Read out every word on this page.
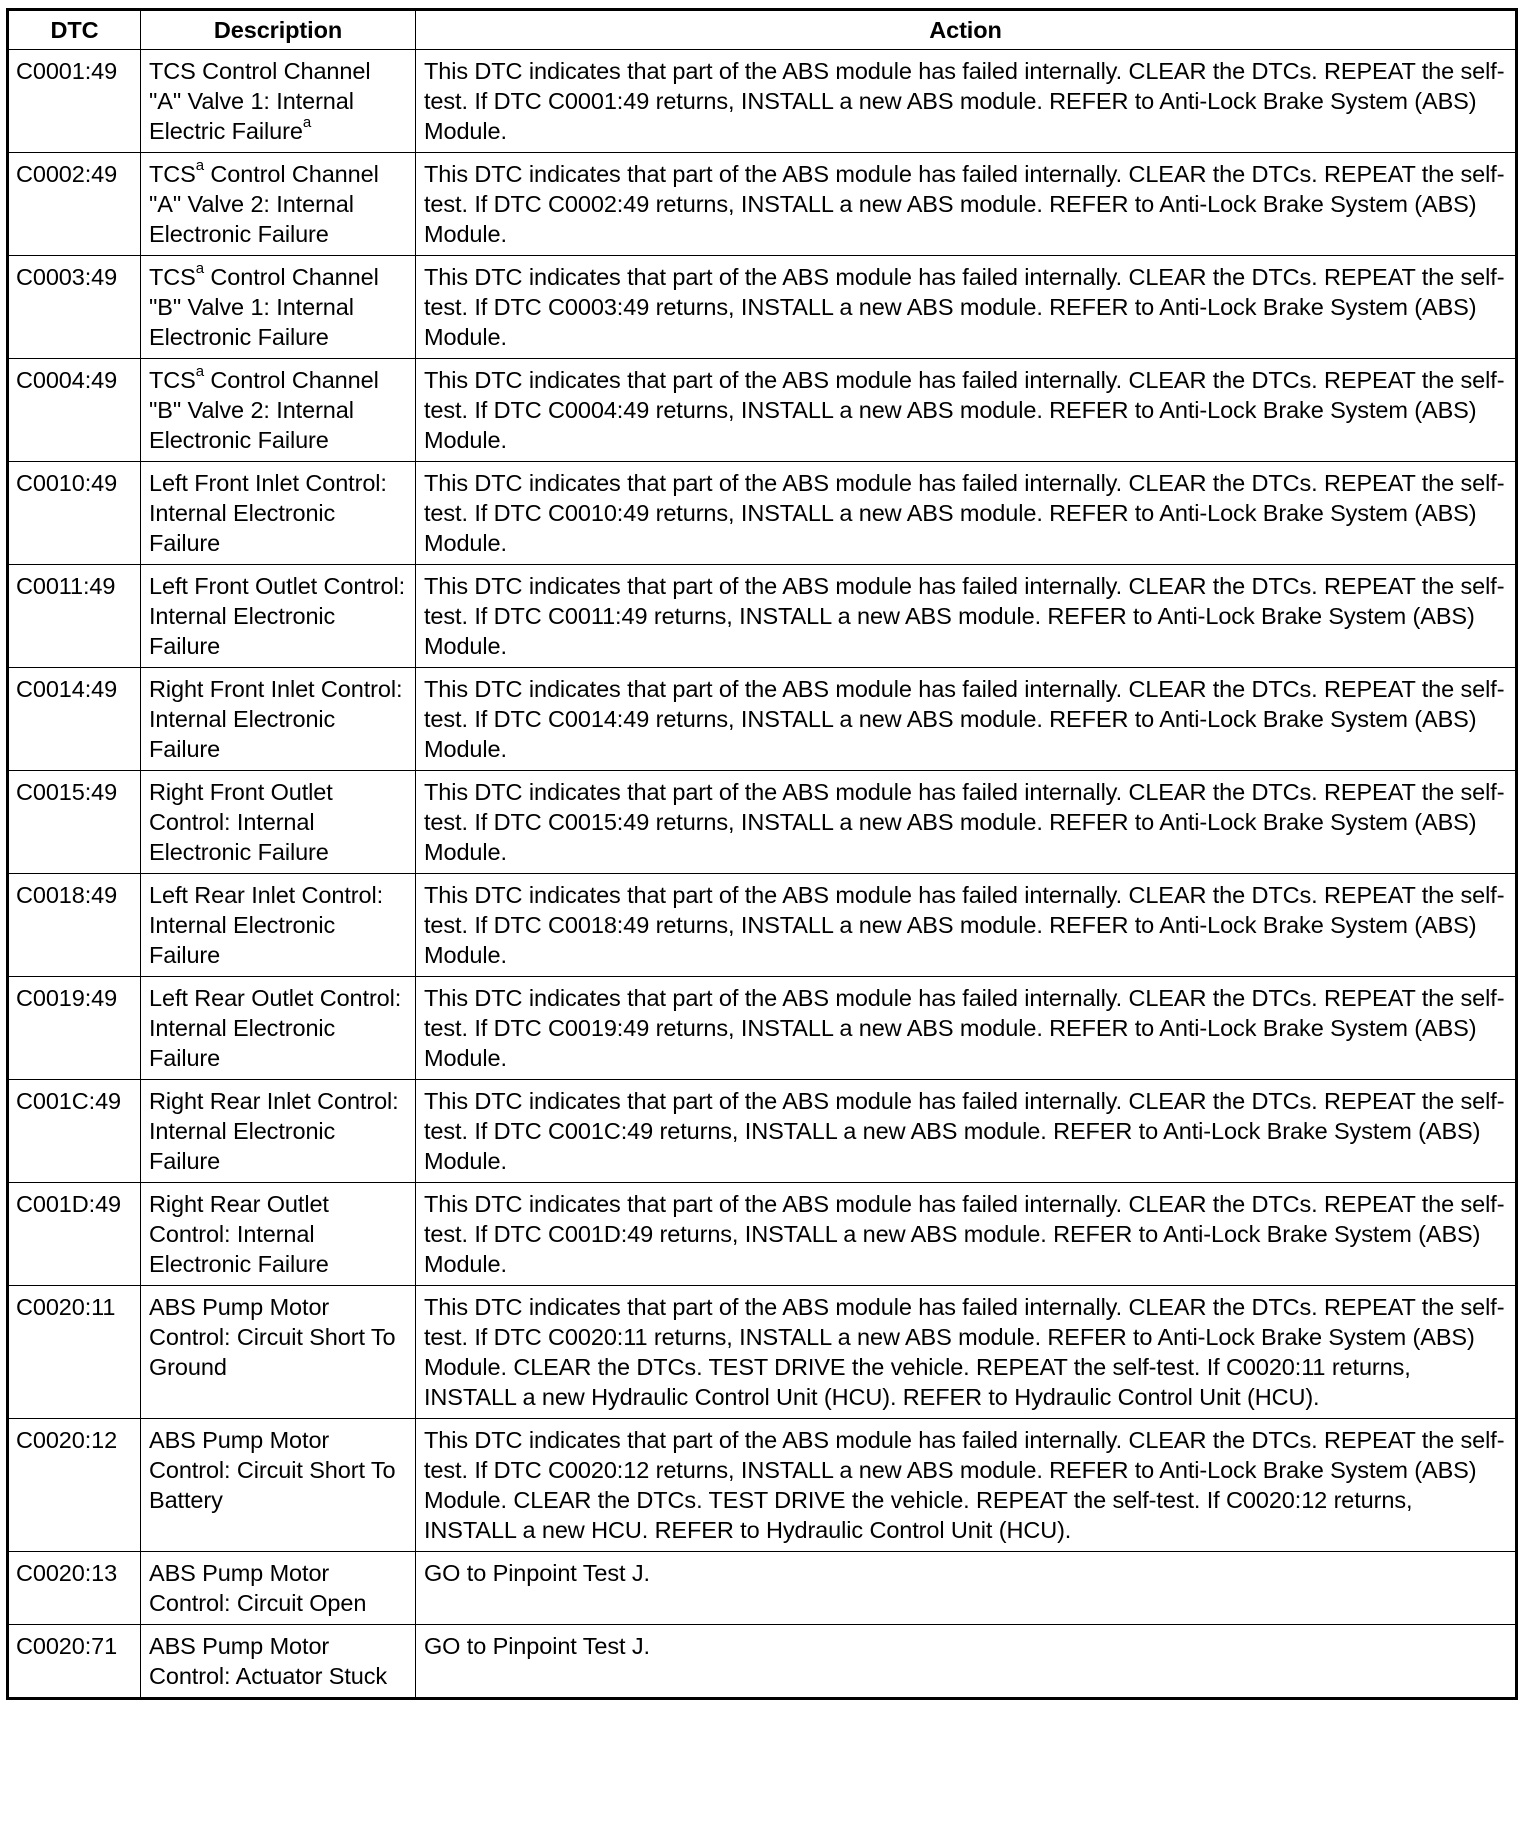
DTC	Description	Action
C0001:49	TCS Control Channel "A" Valve 1: Internal Electric Failure$^a$	This DTC indicates that part of the ABS module has failed internally. CLEAR the DTCs. REPEAT the self-test. If DTC C0001:49 returns, INSTALL a new ABS module. REFER to Anti-Lock Brake System (ABS) Module.
C0002:49	TCS$^a$ Control Channel "A" Valve 2: Internal Electronic Failure	This DTC indicates that part of the ABS module has failed internally. CLEAR the DTCs. REPEAT the self-test. If DTC C0002:49 returns, INSTALL a new ABS module. REFER to Anti-Lock Brake System (ABS) Module.
C0003:49	TCS$^a$ Control Channel "B" Valve 1: Internal Electronic Failure	This DTC indicates that part of the ABS module has failed internally. CLEAR the DTCs. REPEAT the self-test. If DTC C0003:49 returns, INSTALL a new ABS module. REFER to Anti-Lock Brake System (ABS) Module.
C0004:49	TCS$^a$ Control Channel "B" Valve 2: Internal Electronic Failure	This DTC indicates that part of the ABS module has failed internally. CLEAR the DTCs. REPEAT the self-test. If DTC C0004:49 returns, INSTALL a new ABS module. REFER to Anti-Lock Brake System (ABS) Module.
C0010:49	Left Front Inlet Control: Internal Electronic Failure	This DTC indicates that part of the ABS module has failed internally. CLEAR the DTCs. REPEAT the self-test. If DTC C0010:49 returns, INSTALL a new ABS module. REFER to Anti-Lock Brake System (ABS) Module.
C0011:49	Left Front Outlet Control: Internal Electronic Failure	This DTC indicates that part of the ABS module has failed internally. CLEAR the DTCs. REPEAT the self-test. If DTC C0011:49 returns, INSTALL a new ABS module. REFER to Anti-Lock Brake System (ABS) Module.
C0014:49	Right Front Inlet Control: Internal Electronic Failure	This DTC indicates that part of the ABS module has failed internally. CLEAR the DTCs. REPEAT the self-test. If DTC C0014:49 returns, INSTALL a new ABS module. REFER to Anti-Lock Brake System (ABS) Module.
C0015:49	Right Front Outlet Control: Internal Electronic Failure	This DTC indicates that part of the ABS module has failed internally. CLEAR the DTCs. REPEAT the self-test. If DTC C0015:49 returns, INSTALL a new ABS module. REFER to Anti-Lock Brake System (ABS) Module.
C0018:49	Left Rear Inlet Control: Internal Electronic Failure	This DTC indicates that part of the ABS module has failed internally. CLEAR the DTCs. REPEAT the self-test. If DTC C0018:49 returns, INSTALL a new ABS module. REFER to Anti-Lock Brake System (ABS) Module.
C0019:49	Left Rear Outlet Control: Internal Electronic Failure	This DTC indicates that part of the ABS module has failed internally. CLEAR the DTCs. REPEAT the self-test. If DTC C0019:49 returns, INSTALL a new ABS module. REFER to Anti-Lock Brake System (ABS) Module.
C001C:49	Right Rear Inlet Control: Internal Electronic Failure	This DTC indicates that part of the ABS module has failed internally. CLEAR the DTCs. REPEAT the self-test. If DTC C001C:49 returns, INSTALL a new ABS module. REFER to Anti-Lock Brake System (ABS) Module.
C001D:49	Right Rear Outlet Control: Internal Electronic Failure	This DTC indicates that part of the ABS module has failed internally. CLEAR the DTCs. REPEAT the self-test. If DTC C001D:49 returns, INSTALL a new ABS module. REFER to Anti-Lock Brake System (ABS) Module.
C0020:11	ABS Pump Motor Control: Circuit Short To Ground	This DTC indicates that part of the ABS module has failed internally. CLEAR the DTCs. REPEAT the self-test. If DTC C0020:11 returns, INSTALL a new ABS module. REFER to Anti-Lock Brake System (ABS) Module. CLEAR the DTCs. TEST DRIVE the vehicle. REPEAT the self-test. If C0020:11 returns, INSTALL a new Hydraulic Control Unit (HCU). REFER to Hydraulic Control Unit (HCU).
C0020:12	ABS Pump Motor Control: Circuit Short To Battery	This DTC indicates that part of the ABS module has failed internally. CLEAR the DTCs. REPEAT the self-test. If DTC C0020:12 returns, INSTALL a new ABS module. REFER to Anti-Lock Brake System (ABS) Module. CLEAR the DTCs. TEST DRIVE the vehicle. REPEAT the self-test. If C0020:12 returns, INSTALL a new HCU. REFER to Hydraulic Control Unit (HCU).
C0020:13	ABS Pump Motor Control: Circuit Open	GO to Pinpoint Test J.
C0020:71	ABS Pump Motor Control: Actuator Stuck	GO to Pinpoint Test J.
